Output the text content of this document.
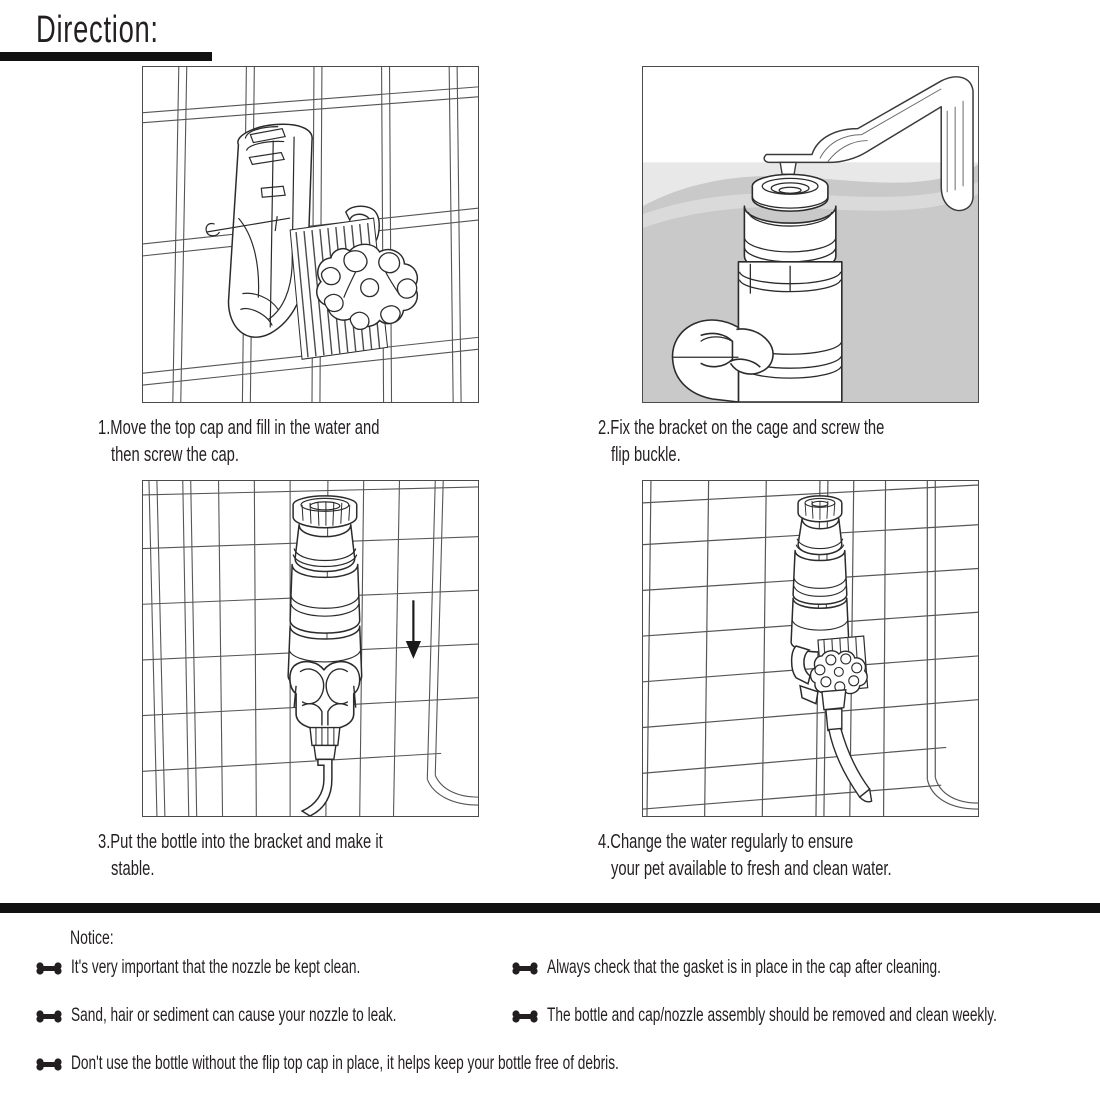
Direction:
1.Move the top cap and fill in the water and
then screw the cap.
2.Fix the bracket on the cage and screw the
flip buckle.
3.Put the bottle into the bracket and make it
stable.
4.Change the water regularly to ensure
your pet available to fresh and clean water.
Notice:
It's very important that the nozzle be kept clean.
Sand, hair or sediment can cause your nozzle to leak.
Don't use the bottle without the flip top cap in place, it helps keep your bottle free of debris.
Always check that the gasket is in place in the cap after cleaning.
The bottle and cap/nozzle assembly should be removed and clean weekly.
